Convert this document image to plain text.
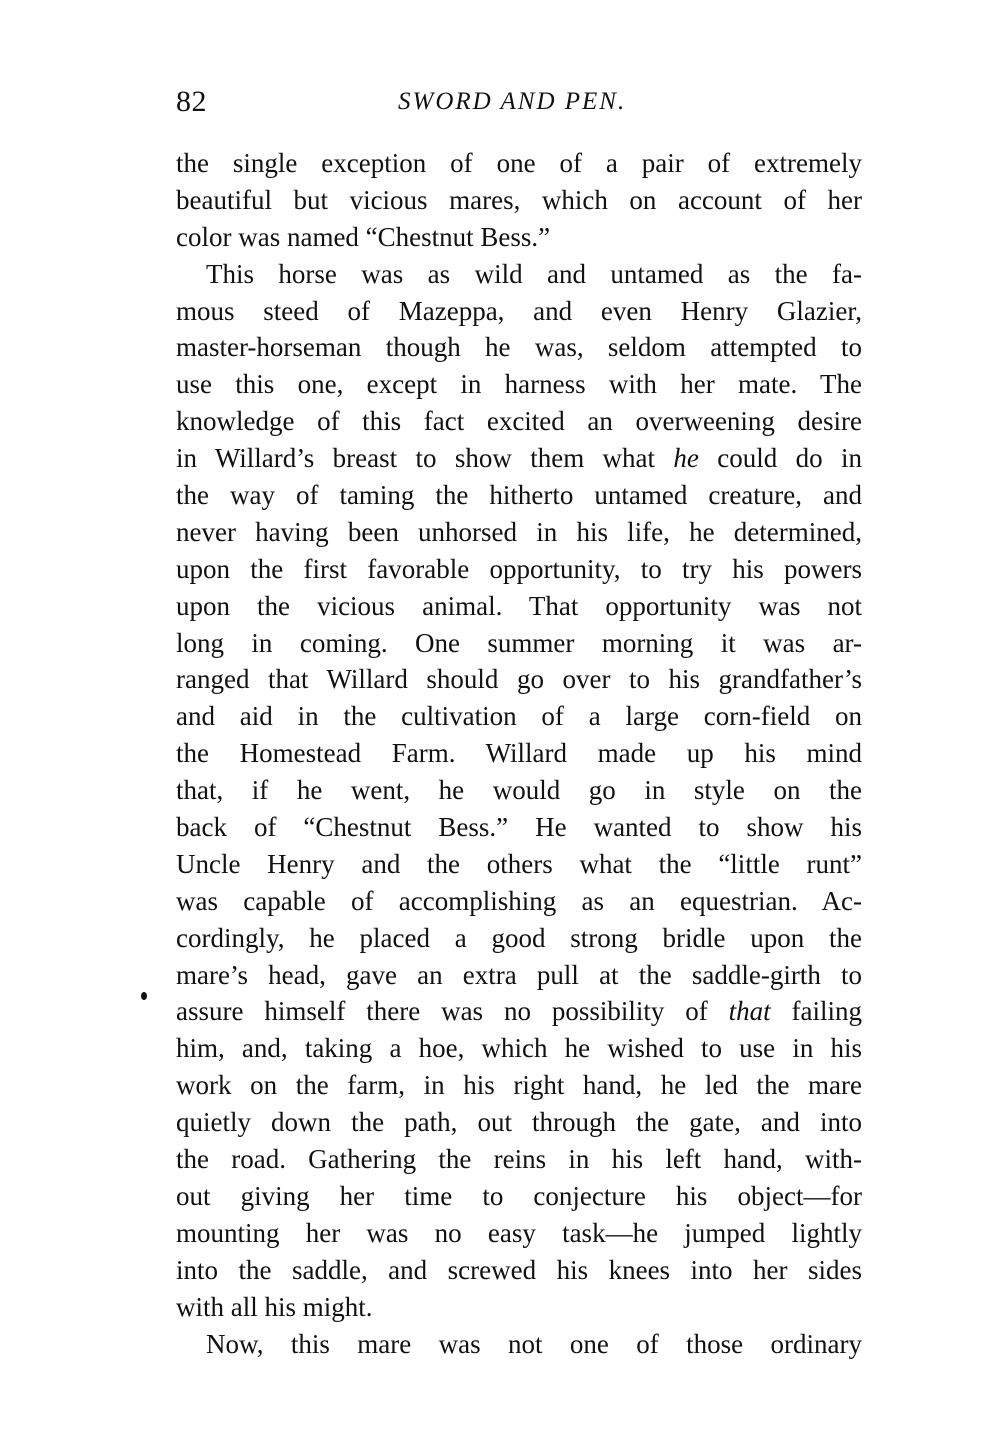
82	SWORD AND PEN.
the single exception of one of a pair of extremely
beautiful but vicious mares, which on account of her
color was named “Chestnut Bess.”
This horse was as wild and untamed as the fa-
mous steed of Mazeppa, and even Henry Glazier,
master-horseman though he was, seldom attempted to
use this one, except in harness with her mate. The
knowledge of this fact excited an overweening desire
in Willard’s breast to show them what he could do in
the way of taming the hitherto untamed creature, and
never having been unhorsed in his life, he determined,
upon the first favorable opportunity, to try his powers
upon the vicious animal. That opportunity was not
long in coming. One summer morning it was ar-
ranged that Willard should go over to his grandfather’s
and aid in the cultivation of a large corn-field on
the Homestead Farm. Willard made up his mind
that, if he went, he would go in style on the
back of “Chestnut Bess.” He wanted to show his
Uncle Henry and the others what the “little runt”
was capable of accomplishing as an equestrian. Ac-
cordingly, he placed a good strong bridle upon the
mare’s head, gave an extra pull at the saddle-girth to
assure himself there was no possibility of that failing
him, and, taking a hoe, which he wished to use in his
work on the farm, in his right hand, he led the mare
quietly down the path, out through the gate, and into
the road. Gathering the reins in his left hand, with-
out giving her time to conjecture his object—for
mounting her was no easy task—he jumped lightly
into the saddle, and screwed his knees into her sides
with all his might.
Now, this mare was not one of those ordinary
